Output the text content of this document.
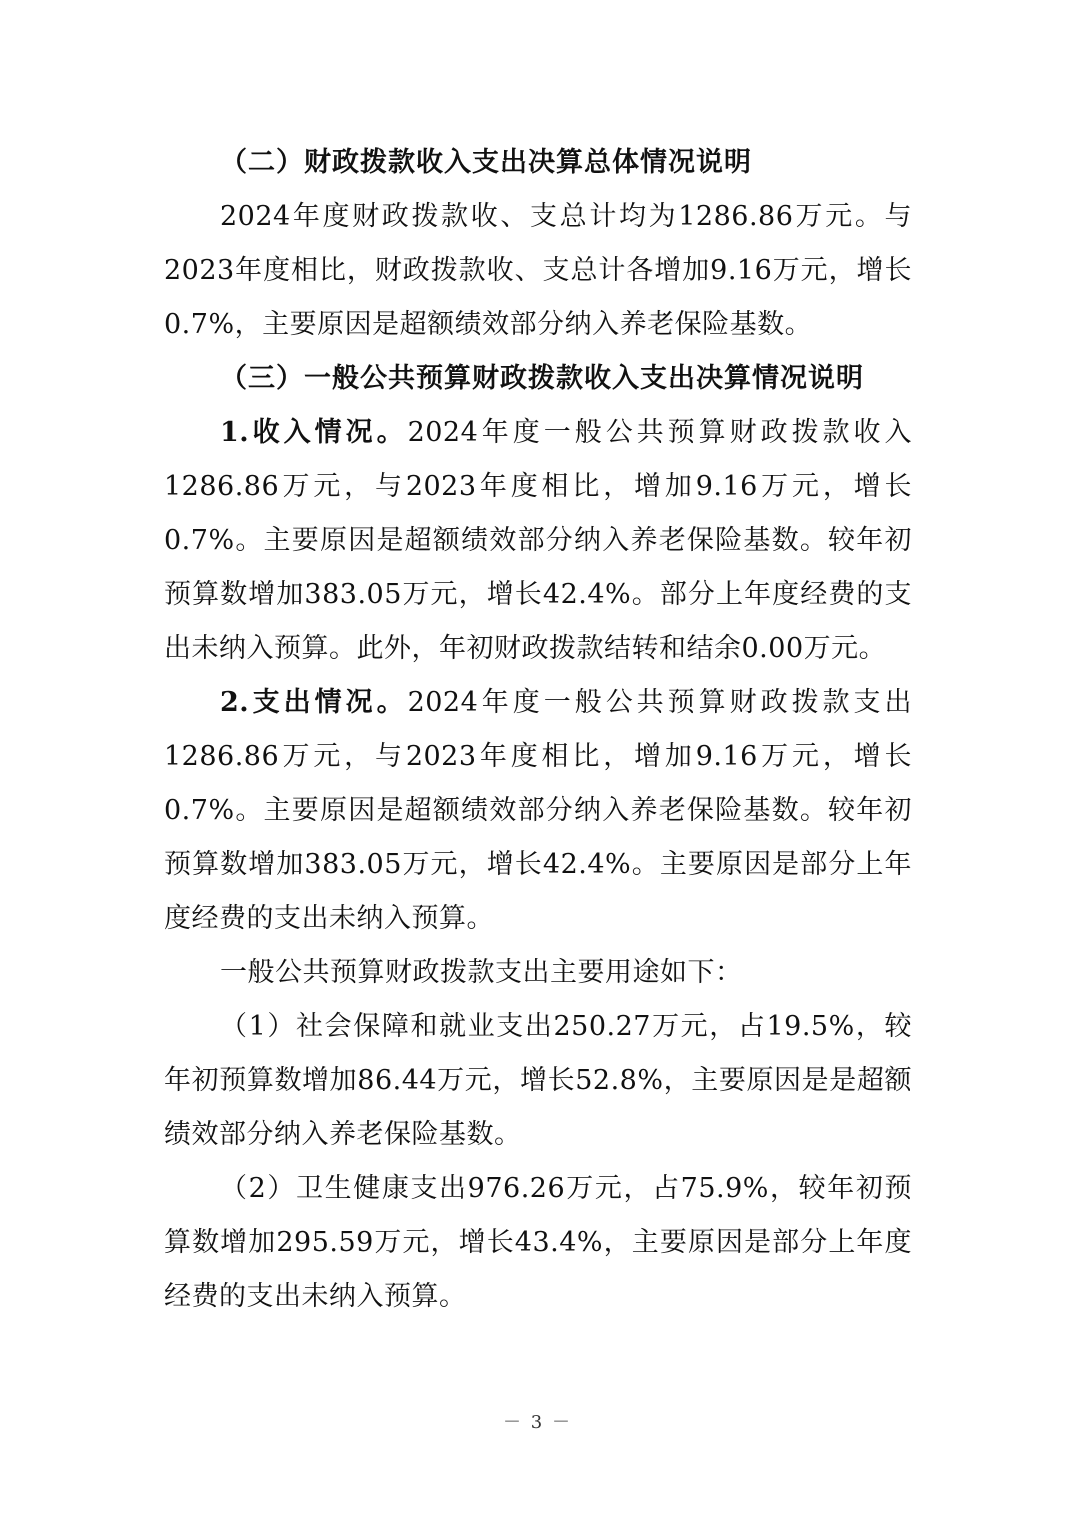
（二）财政拨款收入支出决算总体情况说明
2024年度财政拨款收、支总计均为1286.86万元。与2023年度相比，财政拨款收、支总计各增加9.16万元，增长0.7%，主要原因是超额绩效部分纳入养老保险基数。
（三）一般公共预算财政拨款收入支出决算情况说明
1.收入情况。2024年度一般公共预算财政拨款收入1286.86万元，与2023年度相比，增加9.16万元，增长0.7%。主要原因是超额绩效部分纳入养老保险基数。较年初预算数增加383.05万元，增长42.4%。部分上年度经费的支出未纳入预算。此外，年初财政拨款结转和结余0.00万元。
2.支出情况。2024年度一般公共预算财政拨款支出1286.86万元，与2023年度相比，增加9.16万元，增长0.7%。主要原因是超额绩效部分纳入养老保险基数。较年初预算数增加383.05万元，增长42.4%。主要原因是部分上年度经费的支出未纳入预算。
一般公共预算财政拨款支出主要用途如下：
（1）社会保障和就业支出250.27万元，占19.5%，较年初预算数增加86.44万元，增长52.8%，主要原因是是超额绩效部分纳入养老保险基数。
（2）卫生健康支出976.26万元，占75.9%，较年初预算数增加295.59万元，增长43.4%，主要原因是部分上年度经费的支出未纳入预算。
－ 3 －
